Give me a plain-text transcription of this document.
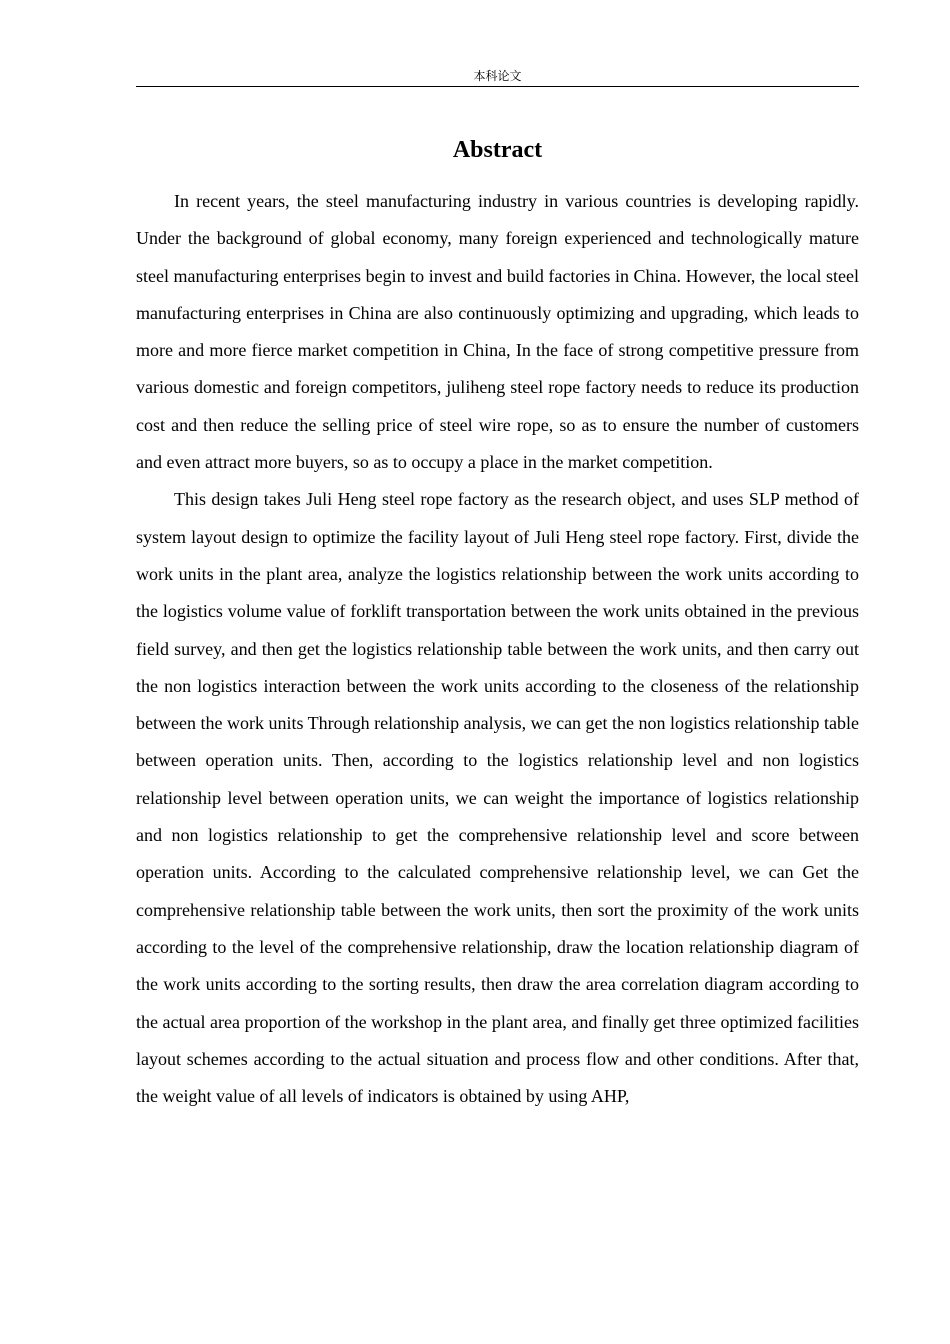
本科论文
Abstract

In recent years, the steel manufacturing industry in various countries is developing rapidly. Under the background of global economy, many foreign experienced and technologically mature steel manufacturing enterprises begin to invest and build factories in China. However, the local steel manufacturing enterprises in China are also continuously optimizing and upgrading, which leads to more and more fierce market competition in China, In the face of strong competitive pressure from various domestic and foreign competitors, juliheng steel rope factory needs to reduce its production cost and then reduce the selling price of steel wire rope, so as to ensure the number of customers and even attract more buyers, so as to occupy a place in the market competition.

This design takes Juli Heng steel rope factory as the research object, and uses SLP method of system layout design to optimize the facility layout of Juli Heng steel rope factory. First, divide the work units in the plant area, analyze the logistics relationship between the work units according to the logistics volume value of forklift transportation between the work units obtained in the previous field survey, and then get the logistics relationship table between the work units, and then carry out the non logistics interaction between the work units according to the closeness of the relationship between the work units Through relationship analysis, we can get the non logistics relationship table between operation units. Then, according to the logistics relationship level and non logistics relationship level between operation units, we can weight the importance of logistics relationship and non logistics relationship to get the comprehensive relationship level and score between operation units. According to the calculated comprehensive relationship level, we can Get the comprehensive relationship table between the work units, then sort the proximity of the work units according to the level of the comprehensive relationship, draw the location relationship diagram of the work units according to the sorting results, then draw the area correlation diagram according to the actual area proportion of the workshop in the plant area, and finally get three optimized facilities layout schemes according to the actual situation and process flow and other conditions. After that, the weight value of all levels of indicators is obtained by using AHP,
